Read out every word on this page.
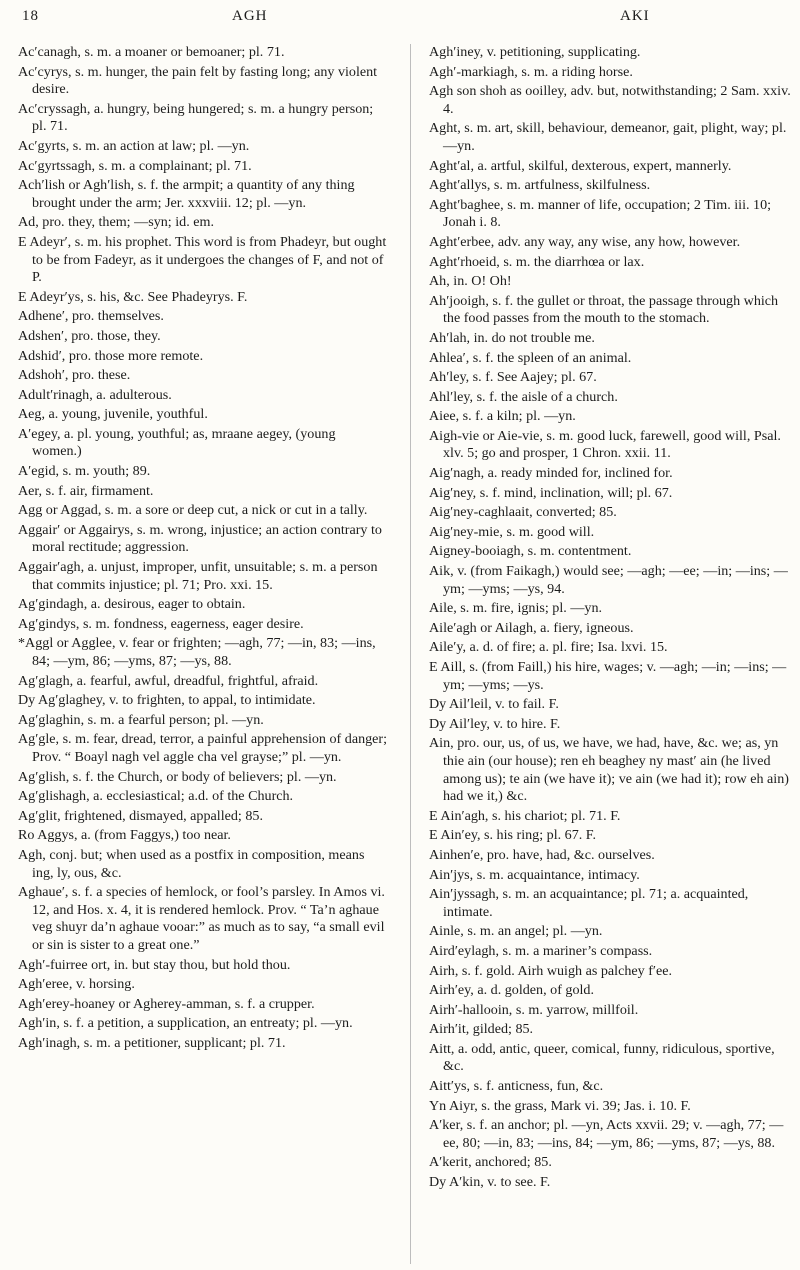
18	AGH	AKI

Ac′canagh, s. m. a moaner or bemoaner; pl. 71.

Ac′cyrys, s. m. hunger, the pain felt by fasting long; any violent desire.

Ac′cryssagh, a. hungry, being hungered; s. m. a hungry person; pl. 71.

Ac′gyrts, s. m. an action at law; pl. —yn.

Ac′gyrtssagh, s. m. a complainant; pl. 71.

Ach′lish or Agh′lish, s. f. the armpit; a quantity of any thing brought under the arm; Jer. xxxviii. 12; pl. —yn.

Ad, pro. they, them; —syn; id. em.

E Adeyr′, s. m. his prophet. This word is from Phadeyr, but ought to be from Fadeyr, as it undergoes the changes of F, and not of P.

E Adeyr′ys, s. his, &c. See Phadeyrys. F.

Adhene′, pro. themselves.

Adshen′, pro. those, they.

Adshid′, pro. those more remote.

Adshoh′, pro. these.

Adult′rinagh, a. adulterous.

Aeg, a. young, juvenile, youthful.

A′egey, a. pl. young, youthful; as, mraane aegey, (young women.)

A′egid, s. m. youth; 89.

Aer, s. f. air, firmament.

Agg or Aggad, s. m. a sore or deep cut, a nick or cut in a tally.

Aggair′ or Aggairys, s. m. wrong, injustice; an action contrary to moral rectitude; aggression.

Aggair′agh, a. unjust, improper, unfit, unsuitable; s. m. a person that commits injustice; pl. 71; Pro. xxi. 15.

Ag′gindagh, a. desirous, eager to obtain.

Ag′gindys, s. m. fondness, eagerness, eager desire.

*Aggl or Agglee, v. fear or frighten; —agh, 77; —in, 83; —ins, 84; —ym, 86; —yms, 87; —ys, 88.

Ag′glagh, a. fearful, awful, dreadful, frightful, afraid.

Dy Ag′glaghey, v. to frighten, to appal, to intimidate.

Ag′glaghin, s. m. a fearful person; pl. —yn.

Ag′gle, s. m. fear, dread, terror, a painful apprehension of danger; Prov. “ Boayl nagh vel aggle cha vel grayse;” pl. —yn.

Ag′glish, s. f. the Church, or body of believers; pl. —yn.

Ag′glishagh, a. ecclesiastical; a.d. of the Church.

Ag′glit, frightened, dismayed, appalled; 85.

Ro Aggys, a. (from Faggys,) too near.

Agh, conj. but; when used as a postfix in composition, means ing, ly, ous, &c.

Aghaue′, s. f. a species of hemlock, or fool’s parsley. In Amos vi. 12, and Hos. x. 4, it is rendered hemlock. Prov. “ Ta’n aghaue veg shuyr da’n aghaue vooar:” as much as to say, “a small evil or sin is sister to a great one.”

Agh′-fuirree ort, in. but stay thou, but hold thou.

Agh′eree, v. horsing.

Agh′erey-hoaney or Agherey-amman, s. f. a crupper.

Agh′in, s. f. a petition, a supplication, an entreaty; pl. —yn.

Agh′inagh, s. m. a petitioner, supplicant; pl. 71.

Agh′iney, v. petitioning, supplicating.

Agh′-markiagh, s. m. a riding horse.

Agh son shoh as ooilley, adv. but, notwithstanding; 2 Sam. xxiv. 4.

Aght, s. m. art, skill, behaviour, demeanor, gait, plight, way; pl. —yn.

Aght′al, a. artful, skilful, dexterous, expert, mannerly.

Aght′allys, s. m. artfulness, skilfulness.

Aght′baghee, s. m. manner of life, occupation; 2 Tim. iii. 10; Jonah i. 8.

Aght′erbee, adv. any way, any wise, any how, however.

Aght′rhoeid, s. m. the diarrhœa or lax.

Ah, in. O! Oh!

Ah′jooigh, s. f. the gullet or throat, the passage through which the food passes from the mouth to the stomach.

Ah′lah, in. do not trouble me.

Ahlea′, s. f. the spleen of an animal.

Ah′ley, s. f. See Aajey; pl. 67.

Ahl′ley, s. f. the aisle of a church.

Aiee, s. f. a kiln; pl. —yn.

Aigh-vie or Aie-vie, s. m. good luck, farewell, good will, Psal. xlv. 5; go and prosper, 1 Chron. xxii. 11.

Aig′nagh, a. ready minded for, inclined for.

Aig′ney, s. f. mind, inclination, will; pl. 67.

Aig′ney-caghlaait, converted; 85.

Aig′ney-mie, s. m. good will.

Aigney-booiagh, s. m. contentment.

Aik, v. (from Faikagh,) would see; —agh; —ee; —in; —ins; —ym; —yms; —ys, 94.

Aile, s. m. fire, ignis; pl. —yn.

Aile′agh or Ailagh, a. fiery, igneous.

Aile′y, a. d. of fire; a. pl. fire; Isa. lxvi. 15.

E Aill, s. (from Faill,) his hire, wages; v. —agh; —in; —ins; —ym; —yms; —ys.

Dy Ail′leil, v. to fail. F.

Dy Ail′ley, v. to hire. F.

Ain, pro. our, us, of us, we have, we had, have, &c. we; as, yn thie ain (our house); ren eh beaghey ny mast′ ain (he lived among us); te ain (we have it); ve ain (we had it); row eh ain) had we it,) &c.

E Ain′agh, s. his chariot; pl. 71. F.

E Ain′ey, s. his ring; pl. 67. F.

Ainhen′e, pro. have, had, &c. ourselves.

Ain′jys, s. m. acquaintance, intimacy.

Ain′jyssagh, s. m. an acquaintance; pl. 71; a. acquainted, intimate.

Ainle, s. m. an angel; pl. —yn.

Aird′eylagh, s. m. a mariner’s compass.

Airh, s. f. gold. Airh wuigh as palchey f′ee.

Airh′ey, a. d. golden, of gold.

Airh′-hallooin, s. m. yarrow, millfoil.

Airh′it, gilded; 85.

Aitt, a. odd, antic, queer, comical, funny, ridiculous, sportive, &c.

Aitt′ys, s. f. anticness, fun, &c.

Yn Aiyr, s. the grass, Mark vi. 39; Jas. i. 10. F.

A′ker, s. f. an anchor; pl. —yn, Acts xxvii. 29; v. —agh, 77; —ee, 80; —in, 83; —ins, 84; —ym, 86; —yms, 87; —ys, 88.

A′kerit, anchored; 85.

Dy A′kin, v. to see. F.
